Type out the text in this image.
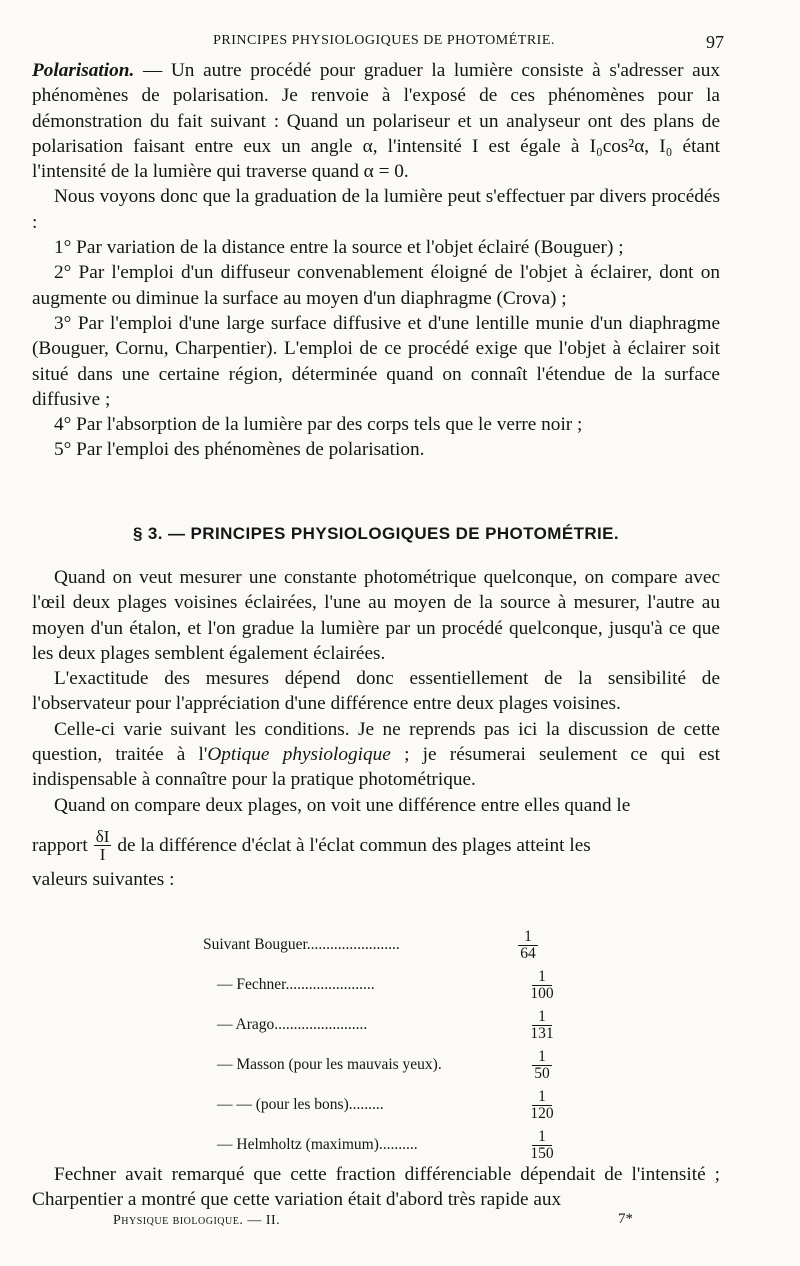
PRINCIPES PHYSIOLOGIQUES DE PHOTOMÉTRIE.	97

Polarisation. — Un autre procédé pour graduer la lumière consiste à s'adresser aux phénomènes de polarisation. Je renvoie à l'exposé de ces phénomènes pour la démonstration du fait suivant : Quand un polariseur et un analyseur ont des plans de polarisation faisant entre eux un angle α, l'intensité I est égale à I₀cos²α, I₀ étant l'intensité de la lumière qui traverse quand α = 0.

Nous voyons donc que la graduation de la lumière peut s'effectuer par divers procédés :

1° Par variation de la distance entre la source et l'objet éclairé (Bouguer) ;

2° Par l'emploi d'un diffuseur convenablement éloigné de l'objet à éclairer, dont on augmente ou diminue la surface au moyen d'un diaphragme (Crova) ;

3° Par l'emploi d'une large surface diffusive et d'une lentille munie d'un diaphragme (Bouguer, Cornu, Charpentier). L'emploi de ce procédé exige que l'objet à éclairer soit situé dans une certaine région, déterminée quand on connaît l'étendue de la surface diffusive ;

4° Par l'absorption de la lumière par des corps tels que le verre noir ;

5° Par l'emploi des phénomènes de polarisation.

§ 3. — PRINCIPES PHYSIOLOGIQUES DE PHOTOMÉTRIE.

Quand on veut mesurer une constante photométrique quelconque, on compare avec l'œil deux plages voisines éclairées, l'une au moyen de la source à mesurer, l'autre au moyen d'un étalon, et l'on gradue la lumière par un procédé quelconque, jusqu'à ce que les deux plages semblent également éclairées.

L'exactitude des mesures dépend donc essentiellement de la sensibilité de l'observateur pour l'appréciation d'une différence entre deux plages voisines.

Celle-ci varie suivant les conditions. Je ne reprends pas ici la discussion de cette question, traitée à l'Optique physiologique ; je résumerai seulement ce qui est indispensable à connaître pour la pratique photométrique.

Quand on compare deux plages, on voit une différence entre elles quand le

rapport $\frac{\delta I}{I}$ de la différence d'éclat à l'éclat commun des plages atteint les

valeurs suivantes :

Suivant Bouguer........................	$\frac{1}{64}$
— Fechner.......................	$\frac{1}{100}$
— Arago........................	$\frac{1}{131}$
— Masson (pour les mauvais yeux).	$\frac{1}{50}$
— — (pour les bons).........	$\frac{1}{120}$
— Helmholtz (maximum)..........	$\frac{1}{150}$

Fechner avait remarqué que cette fraction différenciable dépendait de l'intensité ; Charpentier a montré que cette variation était d'abord très rapide aux

Physique biologique. — II.	7*
